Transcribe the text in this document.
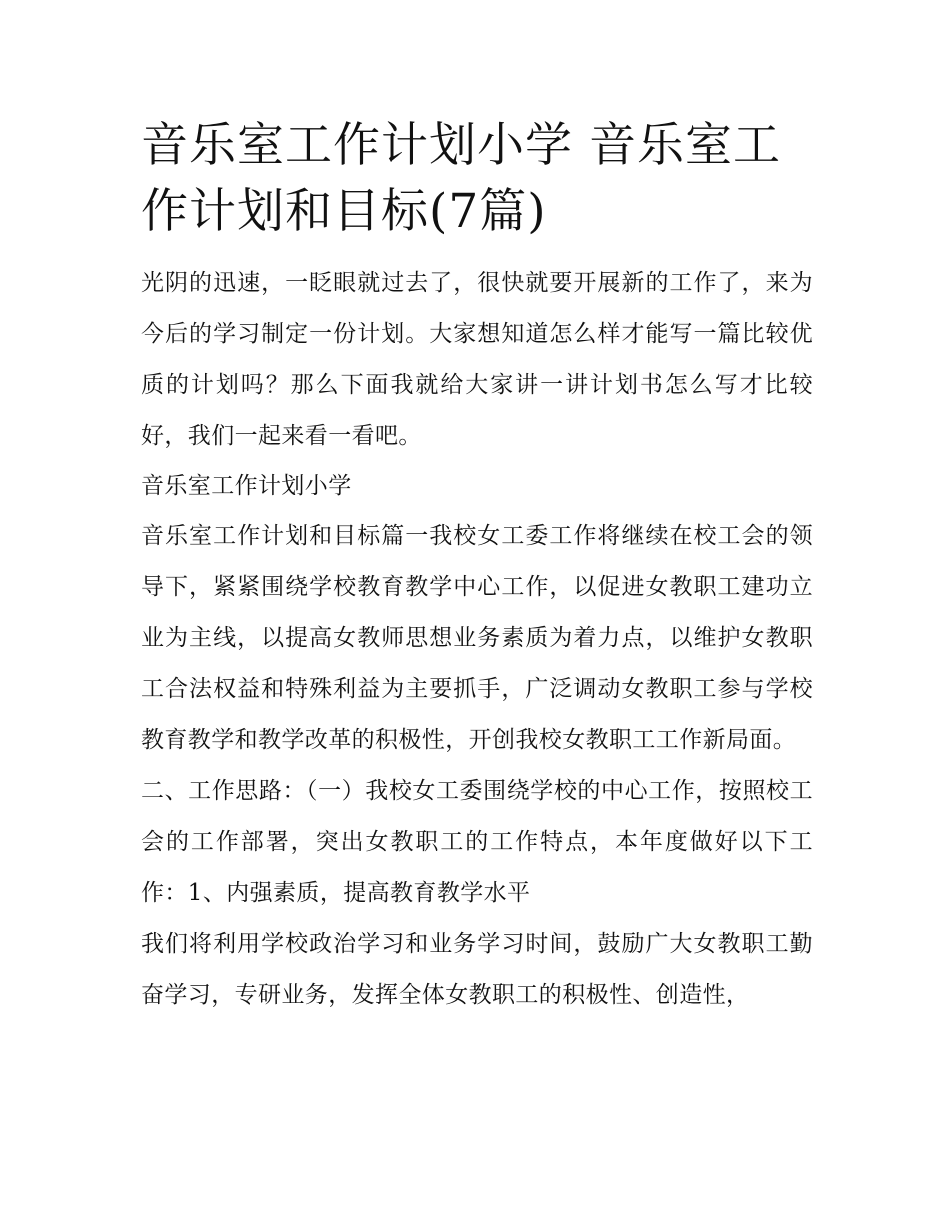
音乐室工作计划小学 音乐室工作计划和目标(7篇)

光阴的迅速，一眨眼就过去了，很快就要开展新的工作了，来为今后的学习制定一份计划。大家想知道怎么样才能写一篇比较优质的计划吗？那么下面我就给大家讲一讲计划书怎么写才比较好，我们一起来看一看吧。

音乐室工作计划小学

音乐室工作计划和目标篇一我校女工委工作将继续在校工会的领导下，紧紧围绕学校教育教学中心工作，以促进女教职工建功立业为主线，以提高女教师思想业务素质为着力点，以维护女教职工合法权益和特殊利益为主要抓手，广泛调动女教职工参与学校教育教学和教学改革的积极性，开创我校女教职工工作新局面。

二、工作思路：（一）我校女工委围绕学校的中心工作，按照校工会的工作部署，突出女教职工的工作特点，本年度做好以下工作：1、内强素质，提高教育教学水平

我们将利用学校政治学习和业务学习时间，鼓励广大女教职工勤奋学习，专研业务，发挥全体女教职工的积极性、创造性，
